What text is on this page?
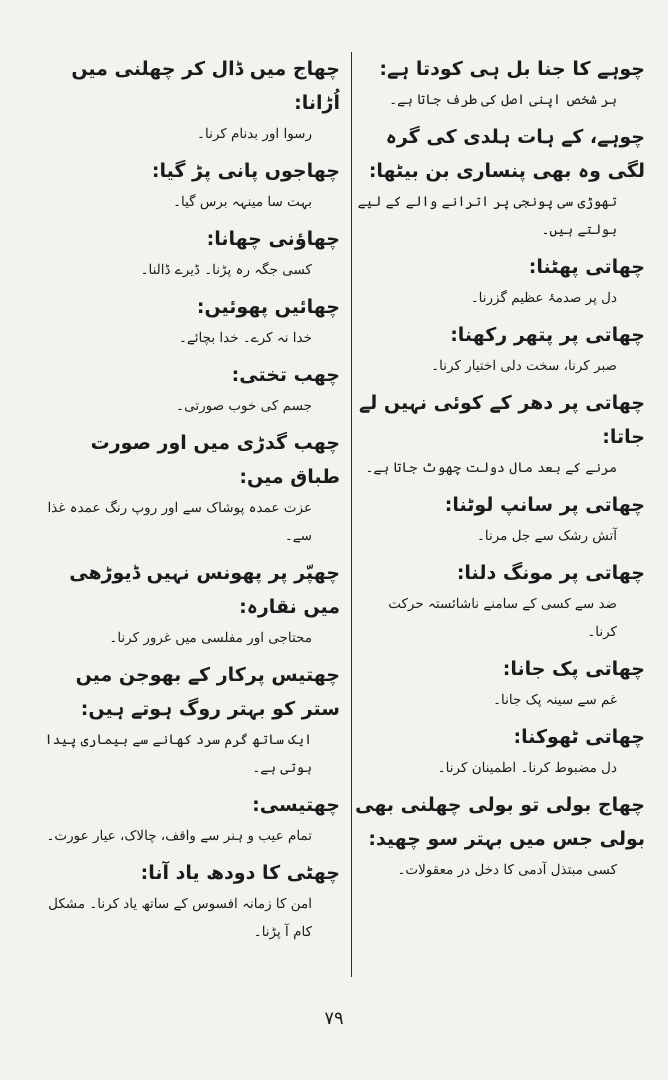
چوہے کا جنا بل ہی کودتا ہے:

ہر شخص اپنی اصل کی طرف جاتا ہے۔

چوہے، کے ہات ہلدی کی گرہ لگی وہ بھی پنساری بن بیٹھا:

تھوڑی سی پونجی پر اترانے والے کے لیے بولتے ہیں۔

چھاتی پھٹنا:

دل پر صدمۂ عظیم گزرنا۔

چھاتی پر پتھر رکھنا:

صبر کرنا، سخت دلی اختیار کرنا۔

چھاتی پر دھر کے کوئی نہیں لے جاتا:

مرنے کے بعد مال دولت چھوٹ جاتا ہے۔

چھاتی پر سانپ لوٹنا:

آتش رشک سے جل مرنا۔

چھاتی پر مونگ دلنا:

ضد سے کسی کے سامنے ناشائستہ حرکت کرنا۔

چھاتی پک جانا:

غم سے سینہ پک جانا۔

چھاتی ٹھوکنا:

دل مضبوط کرنا۔ اطمینان کرنا۔

چھاج بولی تو بولی چھلنی بھی بولی جس میں بہتر سو چھید:

کسی مبتذل آدمی کا دخل در معقولات۔

چھاج میں ڈال کر چھلنی میں اُڑانا:

رسوا اور بدنام کرنا۔

چھاجوں پانی پڑ گیا:

بہت سا مینہہ برس گیا۔

چھاؤنی چھانا:

کسی جگہ رہ پڑنا۔ ڈیرے ڈالنا۔

چھائیں پھوئیں:

خدا نہ کرے۔ خدا بچائے۔

چھب تختی:

جسم کی خوب صورتی۔

چھب گدڑی میں اور صورت طباق میں:

عزت عمدہ پوشاک سے اور روپ رنگ عمدہ غذا سے۔

چھپّر پر پھونس نہیں ڈیوڑھی میں نقارہ:

محتاجی اور مفلسی میں غرور کرنا۔

چھتیس پرکار کے بھوجن میں ستر کو بہتر روگ ہوتے ہیں:

ایک ساتھ گرم سرد کھانے سے بیماری پیدا ہوتی ہے۔

چھتیسی:

تمام عیب و ہنر سے واقف، چالاک، عیار عورت۔

چھٹی کا دودھ یاد آنا:

امن کا زمانہ افسوس کے ساتھ یاد کرنا۔ مشکل کام آ پڑنا۔

۷۹
